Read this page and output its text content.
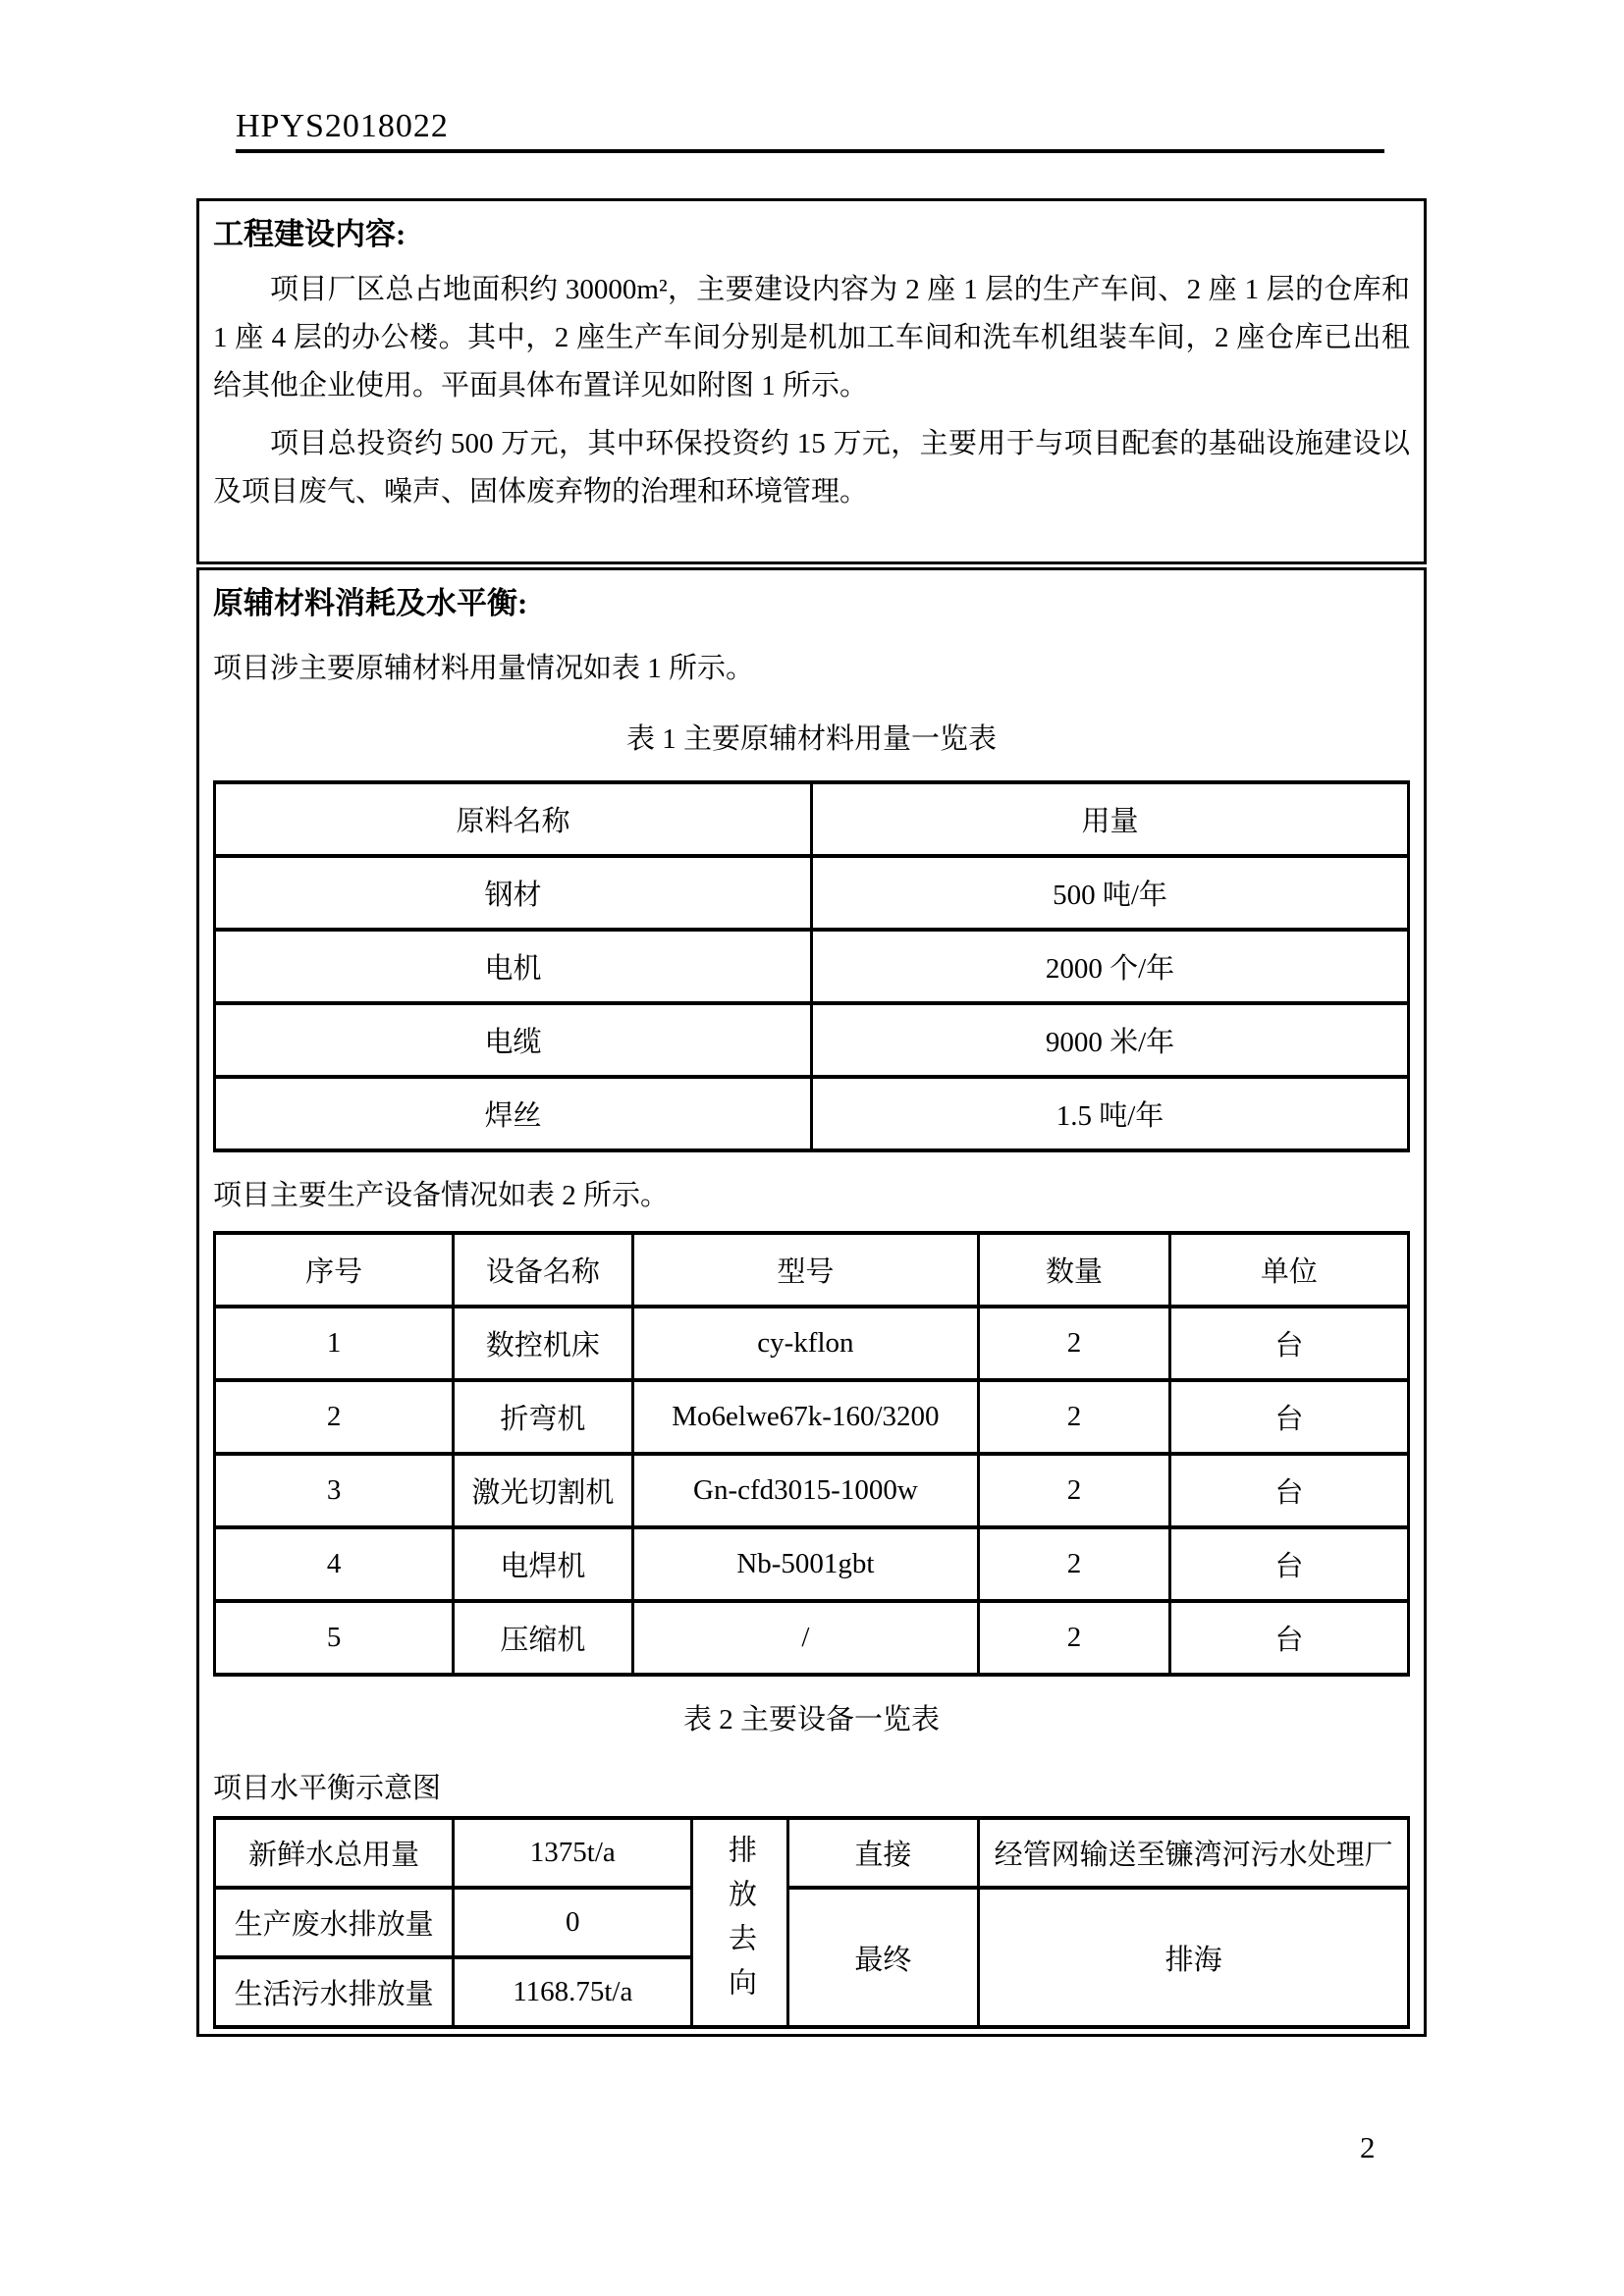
HPYS2018022
工程建设内容:

项目厂区总占地面积约 30000m²，主要建设内容为 2 座 1 层的生产车间、2 座 1 层的仓库和 1 座 4 层的办公楼。其中，2 座生产车间分别是机加工车间和洗车机组装车间，2 座仓库已出租给其他企业使用。平面具体布置详见如附图 1 所示。

项目总投资约 500 万元，其中环保投资约 15 万元，主要用于与项目配套的基础设施建设以及项目废气、噪声、固体废弃物的治理和环境管理。

原辅材料消耗及水平衡:

项目涉主要原辅材料用量情况如表 1 所示。

表 1 主要原辅材料用量一览表

原料名称	用量
钢材	500 吨/年
电机	2000 个/年
电缆	9000 米/年
焊丝	1.5 吨/年

项目主要生产设备情况如表 2 所示。

序号	设备名称	型号	数量	单位
1	数控机床	cy-kflon	2	台
2	折弯机	Mo6elwe67k-160/3200	2	台
3	激光切割机	Gn-cfd3015-1000w	2	台
4	电焊机	Nb-5001gbt	2	台
5	压缩机	/	2	台

表 2 主要设备一览表

项目水平衡示意图

新鲜水总用量	1375t/a	排放去向	直接	经管网输送至镰湾河污水处理厂
生产废水排放量	0		最终	排海
生活污水排放量	1168.75t/a			
2
